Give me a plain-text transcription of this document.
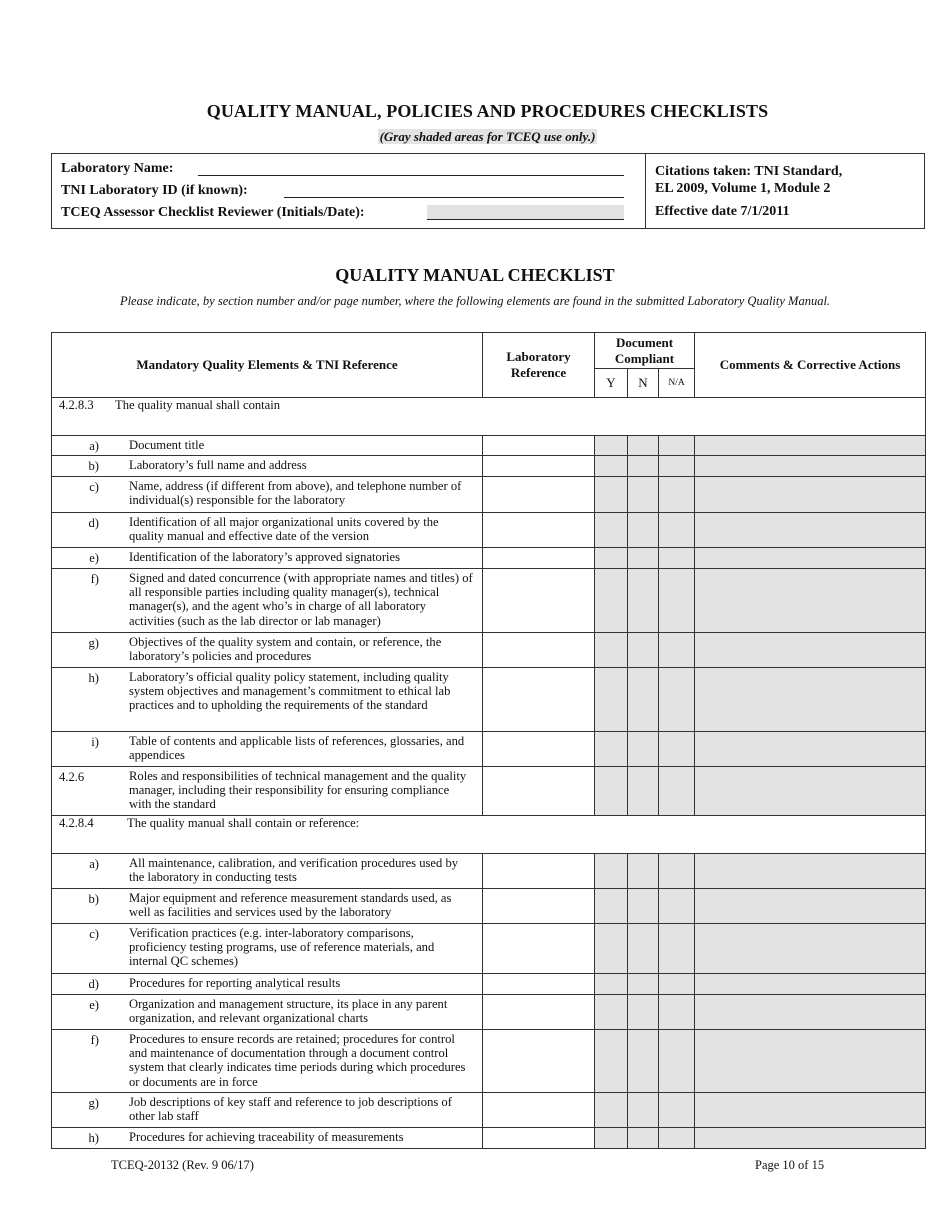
QUALITY MANUAL, POLICIES AND PROCEDURES CHECKLISTS
(Gray shaded areas for TCEQ use only.)
Laboratory Name:
TNI Laboratory ID (if known):
TCEQ Assessor Checklist Reviewer (Initials/Date):
Citations taken: TNI Standard,
EL 2009, Volume 1, Module 2
Effective date 7/1/2011
QUALITY MANUAL CHECKLIST
Please indicate, by section number and/or page number, where the following elements are found in the submitted Laboratory Quality Manual.
Mandatory Quality Elements & TNI Reference	Laboratory Reference	Document Compliant			Comments & Corrective Actions
		Y	N	N/A	
4.2.8.3 The quality manual shall contain					

a) Document title					

b) Laboratory’s full name and address					

c) Name, address (if different from above), and telephone number of individual(s) responsible for the laboratory					

d) Identification of all major organizational units covered by the quality manual and effective date of the version					

e) Identification of the laboratory’s approved signatories					

f) Signed and dated concurrence (with appropriate names and titles) of all responsible parties including quality manager(s), technical manager(s), and the agent who’s in charge of all laboratory activities (such as the lab director or lab manager)					

g) Objectives of the quality system and contain, or reference, the laboratory’s policies and procedures					

h) Laboratory’s official quality policy statement, including quality system objectives and management’s commitment to ethical lab practices and to upholding the requirements of the standard					

i) Table of contents and applicable lists of references, glossaries, and appendices					

4.2.6 Roles and responsibilities of technical management and the quality manager, including their responsibility for ensuring compliance with the standard					

4.2.8.4 The quality manual shall contain or reference:					

a) All maintenance, calibration, and verification procedures used by the laboratory in conducting tests					

b) Major equipment and reference measurement standards used, as well as facilities and services used by the laboratory					

c) Verification practices (e.g. inter-laboratory comparisons, proficiency testing programs, use of reference materials, and internal QC schemes)					

d) Procedures for reporting analytical results					

e) Organization and management structure, its place in any parent organization, and relevant organizational charts					

f) Procedures to ensure records are retained; procedures for control and maintenance of documentation through a document control system that clearly indicates time periods during which procedures or documents are in force					

g) Job descriptions of key staff and reference to job descriptions of other lab staff					

h) Procedures for achieving traceability of measurements					

TCEQ-20132 (Rev. 9 06/17)	Page 10 of 15
